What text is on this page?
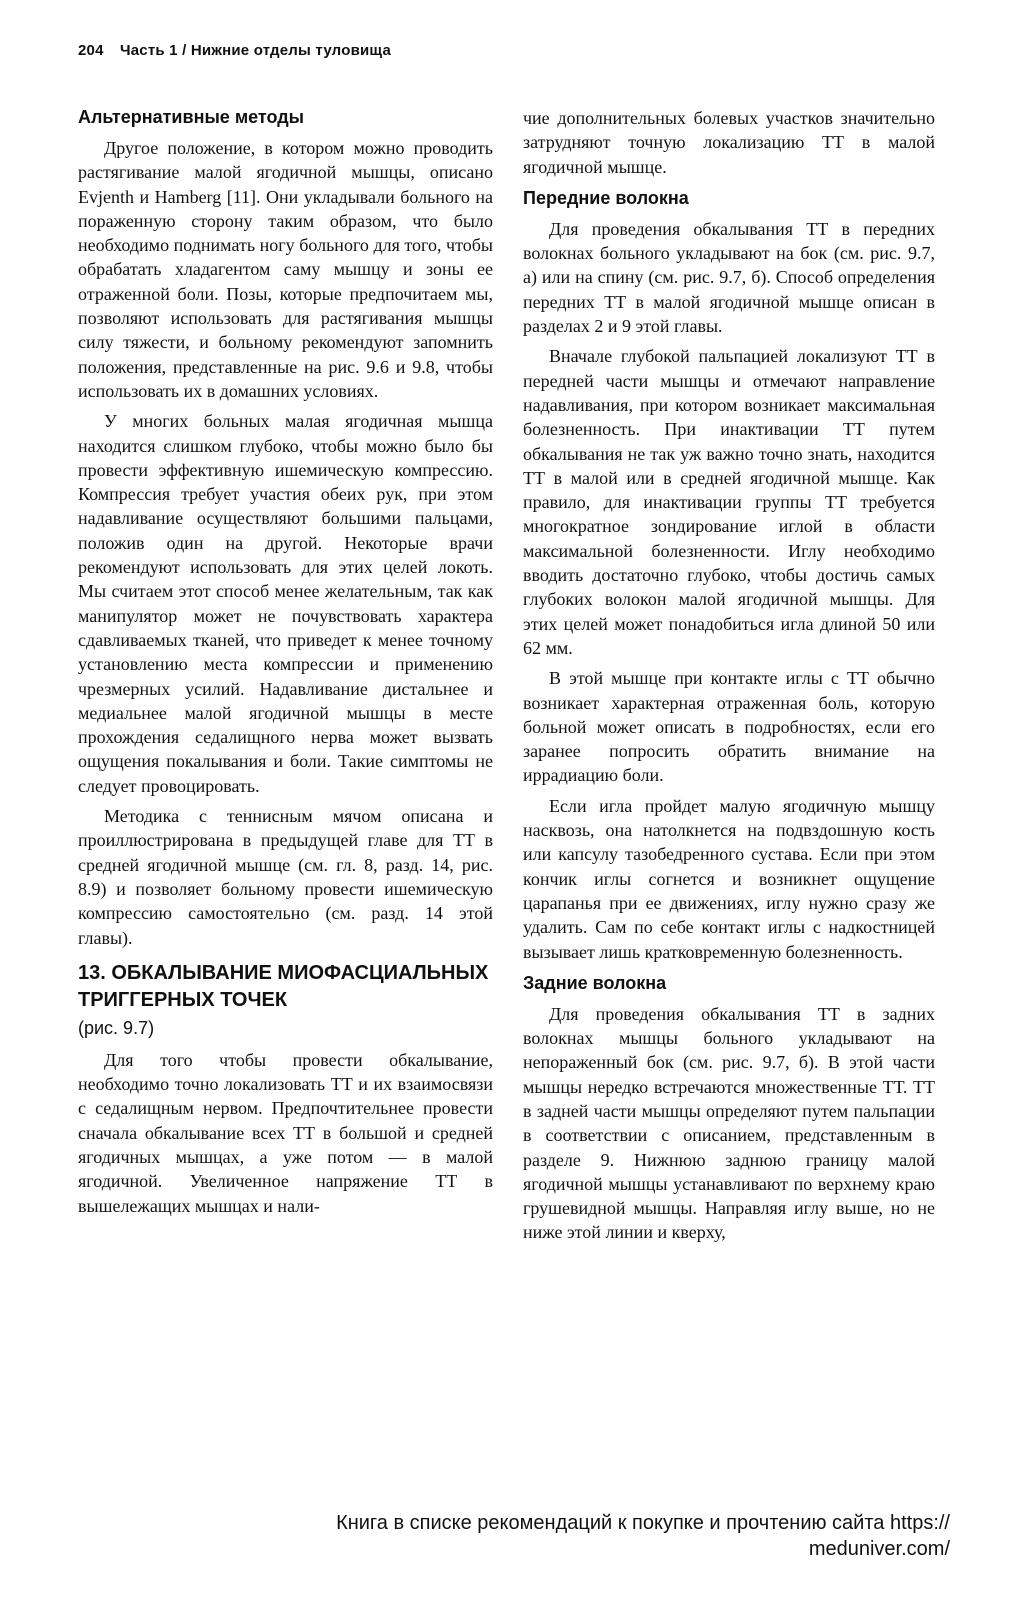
204 Часть 1 / Нижние отделы туловища
Альтернативные методы

Другое положение, в котором можно проводить растягивание малой ягодичной мышцы, описано Evjenth и Hamberg [11]. Они укладывали больного на пораженную сторону таким образом, что было необходимо поднимать ногу больного для того, чтобы обрабатать хладагентом саму мышцу и зоны ее отраженной боли. Позы, которые предпочитаем мы, позволяют использовать для растягивания мышцы силу тяжести, и больному рекомендуют запомнить положения, представленные на рис. 9.6 и 9.8, чтобы использовать их в домашних условиях.

У многих больных малая ягодичная мышца находится слишком глубоко, чтобы можно было бы провести эффективную ишемическую компрессию. Компрессия требует участия обеих рук, при этом надавливание осуществляют большими пальцами, положив один на другой. Некоторые врачи рекомендуют использовать для этих целей локоть. Мы считаем этот способ менее желательным, так как манипулятор может не почувствовать характера сдавливаемых тканей, что приведет к менее точному установлению места компрессии и применению чрезмерных усилий. Надавливание дистальнее и медиальнее малой ягодичной мышцы в месте прохождения седалищного нерва может вызвать ощущения покалывания и боли. Такие симптомы не следует провоцировать.

Методика с теннисным мячом описана и проиллюстрирована в предыдущей главе для ТТ в средней ягодичной мышце (см. гл. 8, разд. 14, рис. 8.9) и позволяет больному провести ишемическую компрессию самостоятельно (см. разд. 14 этой главы).

13. ОБКАЛЫВАНИЕ МИОФАСЦИАЛЬНЫХ ТРИГГЕРНЫХ ТОЧЕК
(рис. 9.7)

Для того чтобы провести обкалывание, необходимо точно локализовать ТТ и их взаимосвязи с седалищным нервом. Предпочтительнее провести сначала обкалывание всех ТТ в большой и средней ягодичных мышцах, а уже потом — в малой ягодичной. Увеличенное напряжение ТТ в вышележащих мышцах и нали-

чие дополнительных болевых участков значительно затрудняют точную локализацию ТТ в малой ягодичной мышце.

Передние волокна

Для проведения обкалывания ТТ в передних волокнах больного укладывают на бок (см. рис. 9.7, а) или на спину (см. рис. 9.7, б). Способ определения передних ТТ в малой ягодичной мышце описан в разделах 2 и 9 этой главы.

Вначале глубокой пальпацией локализуют ТТ в передней части мышцы и отмечают направление надавливания, при котором возникает максимальная болезненность. При инактивации ТТ путем обкалывания не так уж важно точно знать, находится ТТ в малой или в средней ягодичной мышце. Как правило, для инактивации группы ТТ требуется многократное зондирование иглой в области максимальной болезненности. Иглу необходимо вводить достаточно глубоко, чтобы достичь самых глубоких волокон малой ягодичной мышцы. Для этих целей может понадобиться игла длиной 50 или 62 мм.

В этой мышце при контакте иглы с ТТ обычно возникает характерная отраженная боль, которую больной может описать в подробностях, если его заранее попросить обратить внимание на иррадиацию боли.

Если игла пройдет малую ягодичную мышцу насквозь, она натолкнется на подвздошную кость или капсулу тазобедренного сустава. Если при этом кончик иглы согнется и возникнет ощущение царапанья при ее движениях, иглу нужно сразу же удалить. Сам по себе контакт иглы с надкостницей вызывает лишь кратковременную болезненность.

Задние волокна

Для проведения обкалывания ТТ в задних волокнах мышцы больного укладывают на непораженный бок (см. рис. 9.7, б). В этой части мышцы нередко встречаются множественные ТТ. ТТ в задней части мышцы определяют путем пальпации в соответствии с описанием, представленным в разделе 9. Нижнюю заднюю границу малой ягодичной мышцы устанавливают по верхнему краю грушевидной мышцы. Направляя иглу выше, но не ниже этой линии и кверху,

Книга в списке рекомендаций к покупке и прочтению сайта https://
meduniver.com/
